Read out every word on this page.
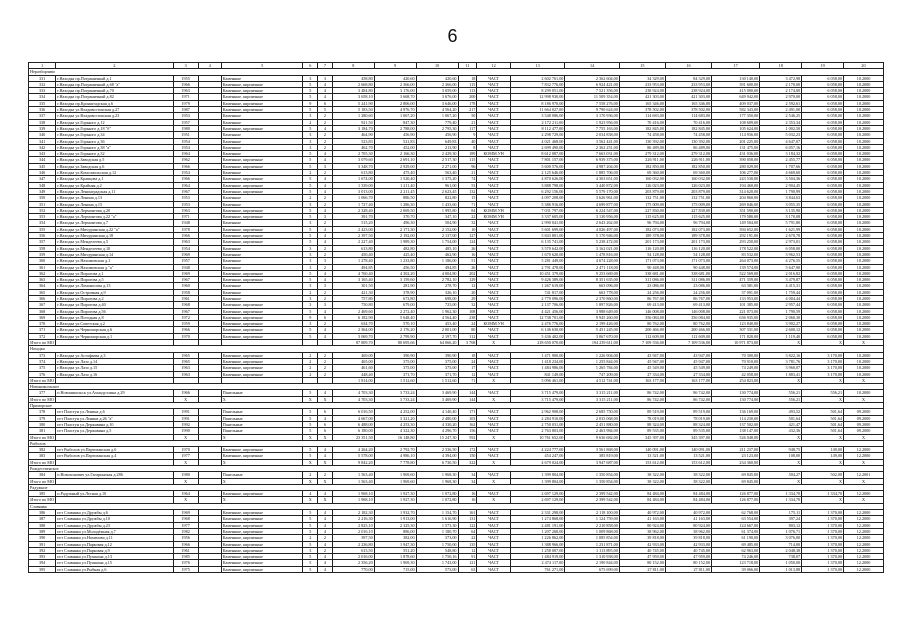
6
1	2	3	4	5	6	7	8	9	10	11	12	13	14	15	16	17	18	19	20
Неразборчиво																			
331	г.Находка пр.Пограничный д.1	1955		Каменные	3	3	458,80	420,60	420,60	18	ЧАСТ	2 602 761,00	2 362 604,00	34 329,00	84 329,00	130 140,00	3 472,98	6 058,00	10.2000
332	г.Находка пр.Пограничный д.68 "а"	1966		Каменные, кирпичные	5	4	2 668,80	2 366,00	2 366,00	115	ЧАСТ	7 832 776,00	6 924 421,00	233 953,00	233 953,00	391 600,00	2 170,00	6 058,00	10.2000
333	г.Находка пр.Пограничный д.70	1963		Каменные, кирпичные	5	4	3 484,80	3 176,00	3 059,00	113	ЧАСТ	8 299 051,00	7 521 356,00	238 924,00	238 924,00	415 000,00	2 174,00	6 058,00	10.2000
334	г.Находка пр.Пограничный д.82	1971		Каменные, кирпичные	5	4	3 658,10	3 668,70	3 676,00	200	ЧАСТ	12 998 930,00	11 509 354,00	421 303,00	421 303,00	649 942,00	2 970,00	6 058,00	10.2000
335	г.Находка пр.Кронштадская д.6	1979		Каменные, кирпичные	9	6	5 241,90	2 806,00	3 646,00	178	ЧАСТ	8 186 970,00	7 558 276,00	165 346,00	165 346,00	409 037,00	2 592,61	6 058,00	10.2000
336	г.Находка ул.Владивостокская д.27	1987		Каменные, кирпичные	5	5	5 183,50	4 976,70	4 564,20	217	ЧАСТ	11 664 027,00	9 790 624,00	378 502,00	378 502,00	582 343,00	2 491,00	6 058,00	10.2000
337	г.Находка ул.Владивостокская д.23	1953		Каменные	3	2	1 280,60	1 067,20	1 067,20	50	ЧАСТ	3 548 086,00	3 170 936,00	114 683,00	114 683,00	177 350,00	2 546,25	6 058,00	10.2000
338	г.Находка ул.Горького д.12	1957		Каменные	2	2	921,50	847,30	779,40	21	ЧАСТ	2 172 211,00	1 923 956,00	70 416,00	70 416,00	108 609,00	2 353,34	6 058,00	10.2000
339	г.Находка ул.Горького д.18 "б"	1980		Каменные, кирпичные	5	4	3 184,70	2 788,00	2 795,30	117	ЧАСТ	8 112 477,00	7 755 163,00	182 845,00	182 845,00	105 624,00	1 002,50	6 058,00	10.2000
340	г.Находка ул.Горького д.34	1951		Каменные	3	2	464,90	456,90	456,90	9	ЧАСТ	2 298 729,00	2 034 838,00	74 458,00	74 458,00	114 936,00	5 032,23	6 058,00	10.2000
341	г.Находка ул.Горького д.36	1954		Каменные	3	2	523,83	521,83	649,83	40	ЧАСТ	4 021 468,00	3 562 441,00	130 392,00	130 392,00	201 225,00	4 647,07	6 058,00	10.2000
342	г.Находка ул.Горького д.38 "а"	1954		Каменные	3	2	462,70	452,00	213,90	8	ЧАСТ	2 699 490,00	2 362 251,00	86 489,00	86 489,00	131 475,00	6 057,16	6 058,00	10.2000
343	г.Находка ул.Горького д.32	1964		Каменные	5	4	2 705,30	2 166,30	2 429,30	189	КОММ.УН	8 612 087,00	7 663 031,00	279 312,00	279 312,00	431 036,00	3 184,32	6 058,00	10.2000
344	г.Находка ул.Заводская д.5	1962		Каменные, кирпичные	5	4	3 079,60	2 691,10	2 517,30	115	ЧАСТ	7 801 157,00	6 939 375,00	226 911,00	226 911,00	390 058,00	2 455,77	6 058,00	10.2000
345	г.Находка ул.Заводская д.6	1966		Каменные, кирпичные	5	3	3 348,70	2 929,00	2 271,00	96	ЧАСТ	5 600 576,00	4 987 204,00	182 850,00	182 850,00	280 029,00	1 707,66	6 058,00	10.2000
346	г.Находка ул.Комсомольская д.12	1954		Каменные	2	2	613,80	475,40	563,40	21	ЧАСТ	2 125 646,00	1 885 706,00	69 360,00	69 360,00	106 277,00	4 669,60	6 058,00	10.2000
347	г.Находка ул.Кравцова д.1	1966		Каменные, кирпичные	5	4	1 674,00	1 520,40	1 375,20	74	ЧАСТ	4 870 626,00	4 303 651,00	160 032,00	160 032,00	243 530,00	3 504,36	6 058,00	10.2000
348	г.Находка ул.Крайняя д.2	1964		Каменные, кирпичные	5	4	1 339,00	1 211,40	961,00	53	ЧАСТ	3 888 798,00	3 440 872,00	126 023,00	126 023,00	194 460,00	2 904,45	6 058,00	10.2000
349	г.Находка ул.Ленинградская д.11	1967		Каменные, кирпичные	5	4	3 013,00	2 211,45	2 623,45	132	ЧАСТ	6 292 156,00	5 579 170,00	203 879,00	203 879,00	314 620,00	1 790,99	6 058,00	10.2000
350	г.Находка ул.Ленина д.13	1953		Каменные	2	2	1 066,70	886,50	822,80	15	ЧАСТ	4 097 208,00	3 626 961,00	132 751,00	132 751,00	204 860,00	3 844,63	6 058,00	10.2000
351	г.Находка ул.Ленина д.15	1953		Каменные	3	2	1 727,40	1 286,30	1 433,60	71	ЧАСТ	5 386 916,00	4 699 877,00	175 009,00	175 009,00	269 846,00	3 055,35	6 058,00	10.2000
352	г.Находка ул.Лермонтова д.20	1963		Каменные, кирпичные	5	4	2 328,40	2 069,50	1 995,80	84	КОММ.УН	7 031 797,00	6 224 547,00	227 830,00	227 830,00	351 590,00	3 135,90	6 058,00	10.2000
353	г.Находка ул.Лермонтова д.22 "а"	1971		Каменные, кирпичные	5	3	391,70	370,70	347,10	22	КОММ.УН	3 337 605,00	3 130 956,00	115 625,00	115 625,00	179 580,00	3 170,08	6 058,00	10.2000
354	г.Находка ул.Лермонтова д.7	1948		Каменные	3	2	515,20	496,30	504,90	32	ЧАСТ	2 990 041,00	2 643 262,00	96 794,00	96 794,00	149 504,00	5 791,80	6 058,00	10.2000
355	г.Находка ул.Мичуринская д.22 "а"	1978		Каменные, кирпичные	5	4	2 423,00	2 171,30	2 152,00	10	ЧАСТ	5 601 699,00	4 026 497,00	182 073,00	182 073,00	394 652,00	1 621,99	6 058,00	10.2000
356	г.Находка ул.Мичуринская д.18	1966		Каменные, кирпичные	5	4	2 397,50	2 192,00	2 137,00	127	ЧАСТ	5 843 801,00	5 170 946,00	189 378,00	189 378,00	292 191,00	2 670,78	6 058,00	10.2000
357	г.Находка ул.Менделеева д.5	1963		Каменные, кирпичные	5	4	2 227,40	1 989,30	1 754,00	124	ЧАСТ	6 135 741,00	5 238 472,00	201 173,00	201 173,00	293 250,00	2 973,01	6 058,00	10.2000
358	г.Находка ул.Менделеева д.10	1954		Каменные	3	2	613,80	482,80	485,10	26	ЧАСТ	3 570 642,00	3 162 021,00	116 120,00	116 120,00	178 522,00	6 058,00	6 058,00	10.2000
359	г.Находка ул.Мичуринская д.14	1969		Каменные	3	2	450,40	425,40	462,90	16	ЧАСТ	1 670 620,00	1 478 816,00	54 128,00	54 128,00	83 532,00	3 962,53	6 058,00	10.2000
360	г.Находка ул.Нахимовская д.1	1957		Каменные	3	3	1 278,40	1 233,80	1 186,00	51	ЧАСТ	5 281 449,00	4 674 228,00	171 073,00	171 073,00	264 073,00	4 276,55	6 058,00	10.2000
361	г.Находка ул.Нахимовская д."а"	1948		Каменные	3	2	494,85	456,50	494,85	26	ЧАСТ	2 791 478,00	2 471 118,00	90 448,00	90 448,00	139 574,00	5 647,90	6 058,00	10.2000
362	г.Находка ул.Пирогова д.1	1969		Каменные, кирпичные	5	4	4 760,40	4 302,20	4 004,80	202	ЧАСТ	10 451 379,00	9 253 669,00	338 681,00	338 681,00	522 569,00	2 016,82	6 058,00	10.2000
363	г.Находка ул.Пирогова д.5	1967		Каменные, кирпичные	5	4	3 165,40	3 159,60	2 782,10	129	ЧАСТ	9 426 389,00	8 351 635,00	311 086,00	311 086,00	471 359,00	3 479,87	6 058,00	10.2000
364	г.Находка ул.Ломоносова д.13	1960		Каменные	3	3	301,50	281,90	278,70	12	ЧАСТ	1 267 619,00	663 096,00	23 086,00	23 086,00	63 381,00	4 415,31	6 058,00	10.2000
365	г.Находка ул.Островная д.9	1958		Каменные	2	2	421,30	378,90	326,10	20	ЧАСТ	741 817,00	663 778,00	24 256,00	24 256,00	37 091,00	1 759,44	6 058,00	10.2000
366	г.Находка ул.Пирогова д.2	1961		Каменные	3	2	757,80	673,80	698,00	29	ЧАСТ	2 779 096,00	2 370 860,00	86 767,00	86 767,00	133 953,00	4 004,44	6 058,00	10.2000
367	г.Находка ул.Пирогова д.40	1968		Каменные, кирпичные	3	3	750,80	679,00	725,00	32	ЧАСТ	2 137 706,00	1 897 826,00	69 413,00	69 413,00	101 385,00	2 957,44	6 058,00	10.2000
368	г.Находка ул.Пирогова д.56	1967		Каменные, кирпичные	5	4	2 469,60	2 272,40	1 962,30	108	ЧАСТ	4 421 456,00	3 988 649,00	146 008,00	146 008,00	221 073,00	1 790,59	6 058,00	10.2000
369	г.Находка ул.Погодная д.8	1972		Каменные, кирпичные	9	6	6 182,90	5 648,40	4 564,40	238	ЧАСТ	12 738 701,00	9 945 260,00	356 084,00	356 084,00	636 935,00	2 060,30	6 058,00	10.2000
370	г.Находка ул.Советская д.2	1959		Каменные, кирпичные	3	2	634,70	570,10	453,40	24	КОММ.УН	2 476 776,00	2 199 426,00	80 762,00	80 762,00	123 840,00	3 902,27	6 058,00	10.2000
371	г.Находка ул.Черноморская д.6	1966		Каменные, кирпичные	5	4	2 364,00	2 176,20	2 001,00	80	ЧАСТ	6 146 630,00	5 451 245,00	200 466,00	200 466,00	307 331,00	2 600,12	6 058,00	10.2000
372	г.Находка ул.Черноморская д.1	1970		Каменные, кирпичные	5	4	3 069,70	2 799,90	2 197,70	112	ЧАСТ	5 436 402,00	3 067 670,00	112 609,00	112 609,00	171 820,00	1 119,40	6 058,00	10.2000
Итого по МО							87 809,70	80 695,66	64 066,20	3 768	X	218 650 070,00	194 239 611,00	7 109 536,00	7 109 536,00	10 971 873,00	X	X	X
Находка																			
373	г.Находка ул.Астафьева д.3	1965		Каменные, кирпичные	2	2	469,00	390,90	390,90	18	ЧАСТ	1 471 900,00	1 226 904,00	43 947,00	43 947,00	70 300,00	3 822,16	3 170,00	10.2000
374	г.Находка ул.Лазо д.14	1965		Каменные, кирпичные	2	2	465,00	375,00	375,00	24	ЧАСТ	1 418 234,00	1 255 844,00	45 947,00	45 947,00	70 910,00	3 781,76	3 170,00	10.2000
375	г.Находка ул.Лазо д.15	1963		Каменные, кирпичные	2	2	461,60	375,00	375,00	17	ЧАСТ	1 484 986,00	1 265 784,00	45 549,00	45 549,00	74 249,00	3 960,07	3 170,00	10.2000
376	г.Находка ул.Лазо д.16	1963		Каменные, кирпичные	2	2	448,40	371,70	371,70	12	ЧАСТ	841 149,00	747 209,00	27 334,00	27 334,00	42 058,00	1 883,41	3 170,00	10.2000
Итого по МО							1 814,00	1 512,60	1 512,60	71	X	5 096 461,00	4 512 741,00	163 177,00	163 177,00	254 823,00	X	X	X
Новоникольское																			
377	п.Новоникольск ул.Ахмадуллина д.29	1966		Панельные	5	4	4 703,30	3 733,24	3 469,90	144	ЧАСТ	3 715 479,00	3 315 211,00	86 742,00	86 742,00	130 774,00	556,21	556,21	10.2000
Итого по МО		X		X	X	X	4 703,30	3 733,24	3 469,90	144	X	3 715 479,00	3 315 211,00	86 742,00	86 742,00	130 774,00	556,21	X	X
Приморское																			
378	пгт Пластун ул.Ленина д.6	1991		Панельные	5	6	6 016,50	4 252,00	4 140,40	171	ЧАСТ	2 962 908,00	2 685 750,00	89 519,00	89 519,00	136 169,00	493,52	501,64	09.2000
379	пгт Пластун ул.Ленина д.26 "а"	1991		Панельные	5	4	4 667,00	3 321,20	2 480,00	103	ЧАСТ	2 284 910,00	2 035 068,00	78 019,00	78 019,00	114 230,00	501,64	501,64	09.2000
380	пгт Пластун ул.Державина д.10	1992		Панельные	5	6	6 488,00	4 253,30	4 330,20	162	ЧАСТ	2 750 031,00	2 451 880,00	88 324,00	88 324,00	137 502,00	421,47	501,64	09.2000
381	пгт Пластун ул.Державина д.5	1990		Панельные	5	6	6 180,00	4 322,30	4 296,70	156	ЧАСТ	2 763 803,00	2 463 984,00	89 535,00	89 535,00	138 147,00	432,36	501,64	09.2000
Итого по МО		X		X	X	X	23 351,50	16 148,80	15 247,30	592	X	10 761 652,00	9 636 682,00	345 397,00	345 397,00	526 048,00	X	X	X
Рыболов																			
382	пгт Рыболов ул.Партизанская д.6	1970		Каменные, кирпичные	5	4	4 264,20	2 792,70	2 336,50	172	ЧАСТ	4 224 777,00	3 561 868,00	140 091,00	140 091,00	211 237,00	948,75	149,00	12.2000
383	пгт Рыболов ул.Партизанская д.4	1977		Каменные, кирпичные	5	4	5 578,00	4 986,10	4 394,00	150	ЧАСТ	454 247,00	385 819,00	13 521,00	13 521,00	23 123,00	108,00	149,00	12.2000
Итого по МО		X		X	X	X	9 842,20	7 778,80	6 730,50	322	X	4 679 024,00	3 947 687,00	153 612,00	153 612,00	234 360,00	X	X	X
Рождественское																			
384	п.Новохонович ул.Гагаринская д.286	1980		Панельные	2	2	1 563,40	1 969,60	1 968,30	34	ЧАСТ	1 399 804,00	1 350 854,00	38 322,00	38 322,00	69 845,00	504,27	502,00	12.2001
Итого по МО		X		X	X	X	1 563,40	1 969,60	1 968,30	34	X	1 399 804,00	1 350 854,00	38 322,00	38 322,00	69 845,00	X	X	X
Радужное																			
385	п.Радужный ул.Лесная д.10	1964		Каменные, кирпичные	4	4	1 968,10	1 927,30	1 072,80	16	ЧАСТ	2 697 129,00	2 399 542,00	84 484,00	84 484,00	126 877,00	1 334,70	1 334,70	12.2000
Итого по МО		X		X	X	X	1 968,10	1 927,30	1 072,80	16	X	2 697 129,00	2 399 542,00	84 484,00	84 484,00	126 877,00	1 334,70	X	X
Славянка																			
386	пгт Славянка ул.Дружбы д.6	1969		Каменные, кирпичные	5	4	2 182,30	1 932,70	1 154,70	161	ЧАСТ	2 331 298,00	2 118 100,00	40 972,00	40 972,00	62 768,00	175,11	1 370,00	12.2000
387	пгт Славянка ул.Дружбы д.10	1968		Каменные, кирпичные	5	4	2 216,30	1 913,00	1 616,90	131	ЧАСТ	1 274 868,00	1 124 759,00	41 163,00	41 163,00	63 554,00	397,24	1 370,00	12.2000
388	пгт Славянка ул.Дружбы д.23	1977		Каменные, кирпичные	5	4	2 825,10	2 325,30	1 573,30	122	ЧАСТ	2 481 191,00	2 210 858,00	80 924,00	80 924,00	124 667,00	803,12	1 370,00	12.2000
389	пгт Славянка ул.Молодёжная д.7	1982		Каменные, кирпичные	5	4	2 016,10	886,00	1 180,70	64	ЧАСТ	1 207 268,00	1 009 868,00	38 962,00	38 962,00	61 374,00	1 076,71	1 370,00	12.2000
390	пгт Славянка ул.Нахимова д.11	1956		Каменные, кирпичные	2	2	397,50	382,00	373,00	22	ЧАСТ	1 226 862,00	1 085 854,00	39 818,00	39 818,00	61 190,00	3 076,00	1 370,00	12.2000
391	пгт Славянка ул.Парковая д.12	1966		Каменные, кирпичные	5	4	2 236,80	1 947,30	1 750,00	135	ЧАСТ	1 388 966,00	1 231 871,00	42 933,00	42 933,00	69 485,00	714,00	1 370,00	12.2000
392	пгт Славянка ул.Парковая д.9	1961		Каменные, кирпичные	3	2	613,50	551,20	548,80	12	ЧАСТ	1 258 007,00	1 113 895,00	40 745,00	40 745,00	62 963,00	2 048,38	1 370,00	12.2000
393	пгт Славянка ул.Пушкина д.13	1985		Каменные, кирпичные	5	4	2 016,00	1 878,60	1 750,16	91	ЧАСТ	1 484 919,00	1 310 938,00	47 959,00	47 959,00	74 246,00	738,07	1 370,00	12.2000
394	пгт Славянка ул.Пушкина д.15	1976		Каменные, кирпичные	5	4	2 356,20	1 969,30	1 743,00	121	ЧАСТ	2 474 117,00	2 190 844,00	80 152,00	80 152,00	123 718,00	1 050,00	1 370,00	12.2000
395	пгт Славянка ул.Рыбная д.6	1975		Каменные, кирпичные	5	4	770,00	715,00	573,00	63	ЧАСТ	761 271,00	675 699,00	27 811,00	27 811,00	39 066,00	1 013,88	1 370,00	12.2000
